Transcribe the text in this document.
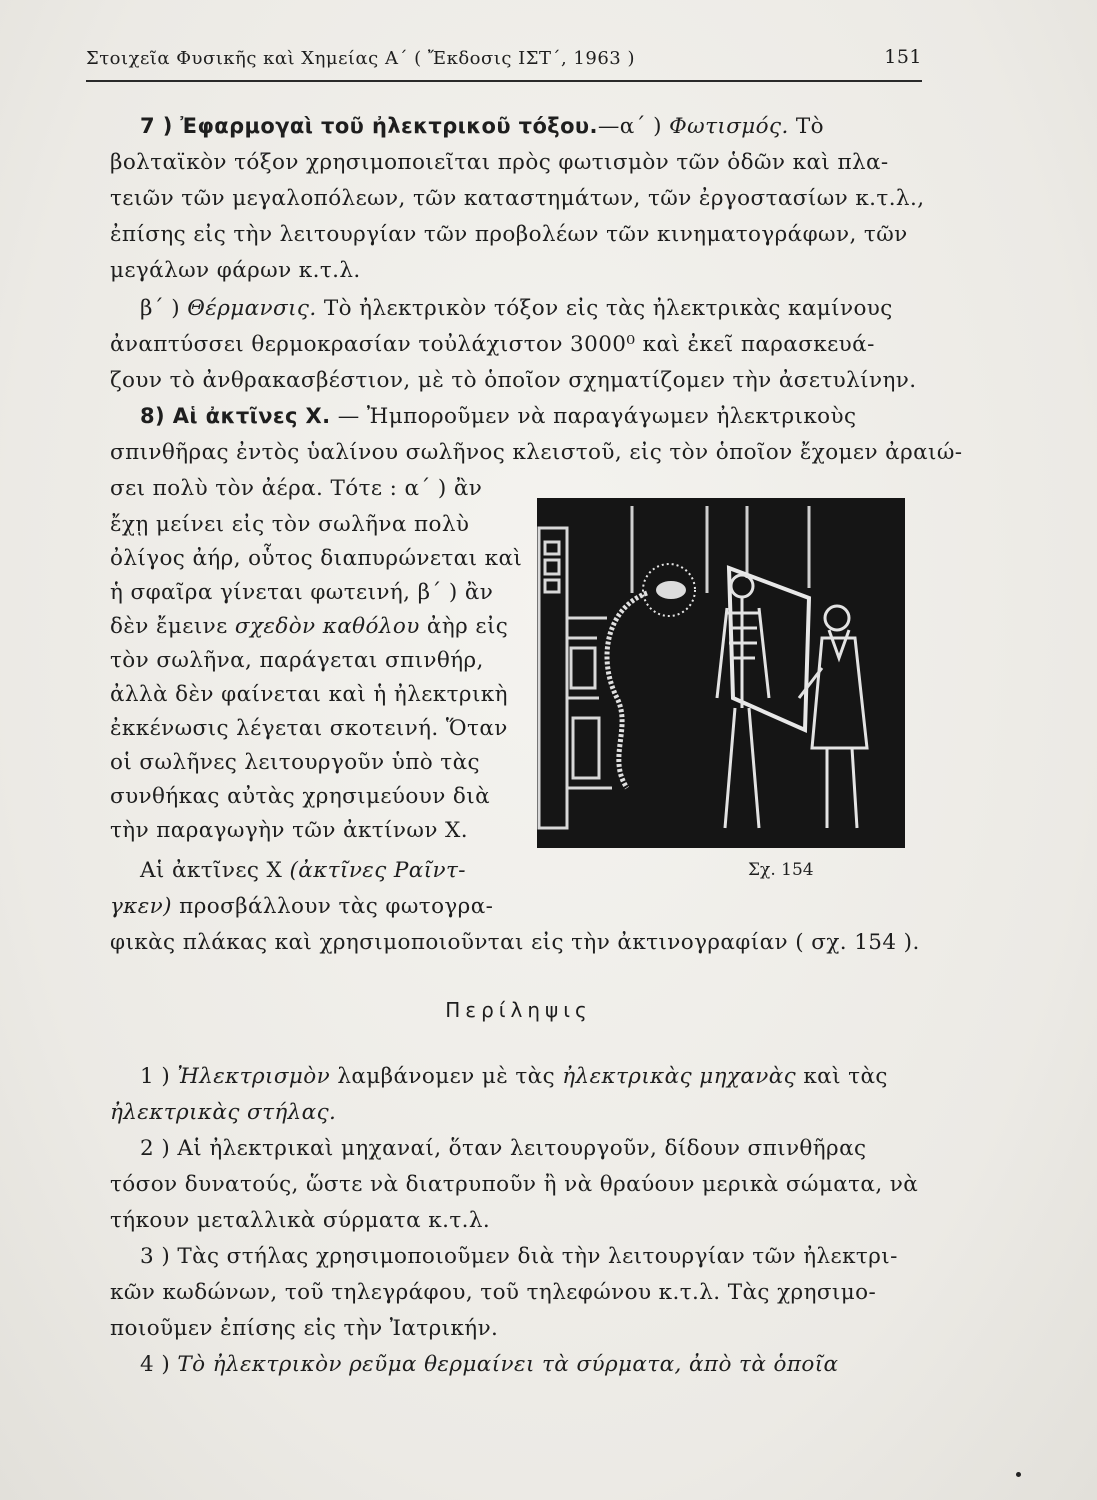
Στοιχεῖα Φυσικῆς καὶ Χημείας Α´ ( Ἔκδοσις ΙΣΤ´, 1963 )	151
7 ) Ἐφαρμογαὶ τοῦ ἠλεκτρικοῦ τόξου.—α´ ) Φωτισμός. Τὸ
βολταϊκὸν τόξον χρησιμοποιεῖται πρὸς φωτισμὸν τῶν ὁδῶν καὶ πλα-
τειῶν τῶν μεγαλοπόλεων, τῶν καταστημάτων, τῶν ἐργοστασίων κ.τ.λ.,
ἐπίσης εἰς τὴν λειτουργίαν τῶν προβολέων τῶν κινηματογράφων, τῶν
μεγάλων φάρων κ.τ.λ.
β´ ) Θέρμανσις. Τὸ ἠλεκτρικὸν τόξον εἰς τὰς ἠλεκτρικὰς καμίνους
ἀναπτύσσει θερμοκρασίαν τοὐλάχιστον 3000⁰ καὶ ἐκεῖ παρασκευά-
ζουν τὸ ἀνθρακασβέστιον, μὲ τὸ ὁποῖον σχηματίζομεν τὴν ἀσετυλίνην.
8) Αἱ ἀκτῖνες Χ. — Ἠμποροῦμεν νὰ παραγάγωμεν ἠλεκτρικοὺς
σπινθῆρας ἐντὸς ὑαλίνου σωλῆνος κλειστοῦ, εἰς τὸν ὁποῖον ἔχομεν ἀραιώ-
σει πολὺ τὸν ἀέρα. Τότε : α´ ) ἂν
ἔχῃ μείνει εἰς τὸν σωλῆνα πολὺ
ὀλίγος ἀήρ, οὗτος διαπυρώνεται καὶ
ἡ σφαῖρα γίνεται φωτεινή, β´ ) ἂν
δὲν ἔμεινε σχεδὸν καθόλου ἀὴρ εἰς
τὸν σωλῆνα, παράγεται σπινθήρ,
ἀλλὰ δὲν φαίνεται καὶ ἡ ἠλεκτρικὴ
ἐκκένωσις λέγεται σκοτεινή. Ὅταν
οἱ σωλῆνες λειτουργοῦν ὑπὸ τὰς
συνθήκας αὐτὰς χρησιμεύουν διὰ
τὴν παραγωγὴν τῶν ἀκτίνων Χ.
Αἱ ἀκτῖνες Χ (ἀκτῖνες Ραῖντ-
γκεν) προσβάλλουν τὰς φωτογρα-
φικὰς πλάκας καὶ χρησιμοποιοῦνται εἰς τὴν ἀκτινογραφίαν ( σχ. 154 ).
Σχ. 154
Περίληψις
1 ) Ἠλεκτρισμὸν λαμβάνομεν μὲ τὰς ἠλεκτρικὰς μηχανὰς καὶ τὰς
ἠλεκτρικὰς στήλας.
2 ) Αἱ ἠλεκτρικαὶ μηχαναί, ὅταν λειτουργοῦν, δίδουν σπινθῆρας
τόσον δυνατούς, ὥστε νὰ διατρυποῦν ἢ νὰ θραύουν μερικὰ σώματα, νὰ
τήκουν μεταλλικὰ σύρματα κ.τ.λ.
3 ) Τὰς στήλας χρησιμοποιοῦμεν διὰ τὴν λειτουργίαν τῶν ἠλεκτρι-
κῶν κωδώνων, τοῦ τηλεγράφου, τοῦ τηλεφώνου κ.τ.λ. Τὰς χρησιμο-
ποιοῦμεν ἐπίσης εἰς τὴν Ἰατρικήν.
4 ) Τὸ ἠλεκτρικὸν ρεῦμα θερμαίνει τὰ σύρματα, ἀπὸ τὰ ὁποῖα
